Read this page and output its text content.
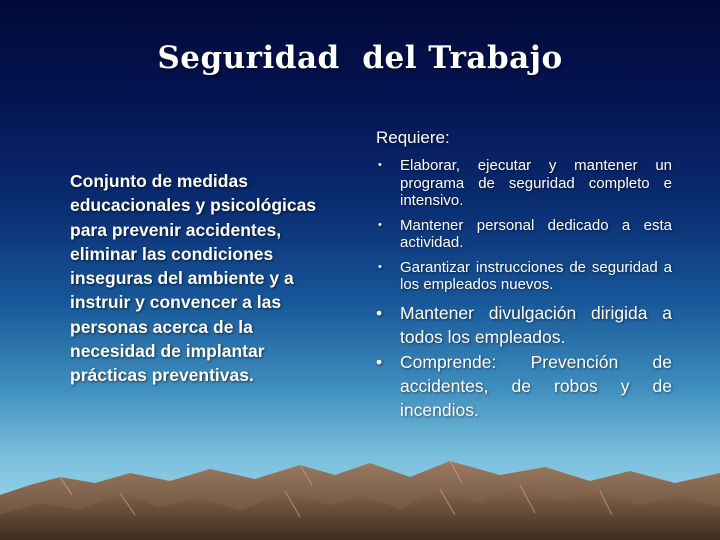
Seguridad  del Trabajo
Conjunto de medidas educacionales y psicológicas para prevenir accidentes, eliminar las condiciones inseguras del ambiente y a instruir y convencer a las personas acerca de la necesidad de implantar prácticas preventivas.
Requiere:
• Elaborar, ejecutar y mantener un programa de seguridad completo e intensivo.
• Mantener personal dedicado a esta actividad.
• Garantizar instrucciones de seguridad a los empleados nuevos.
• Mantener divulgación dirigida a todos los empleados.
• Comprende: Prevención de accidentes, de robos y de incendios.
